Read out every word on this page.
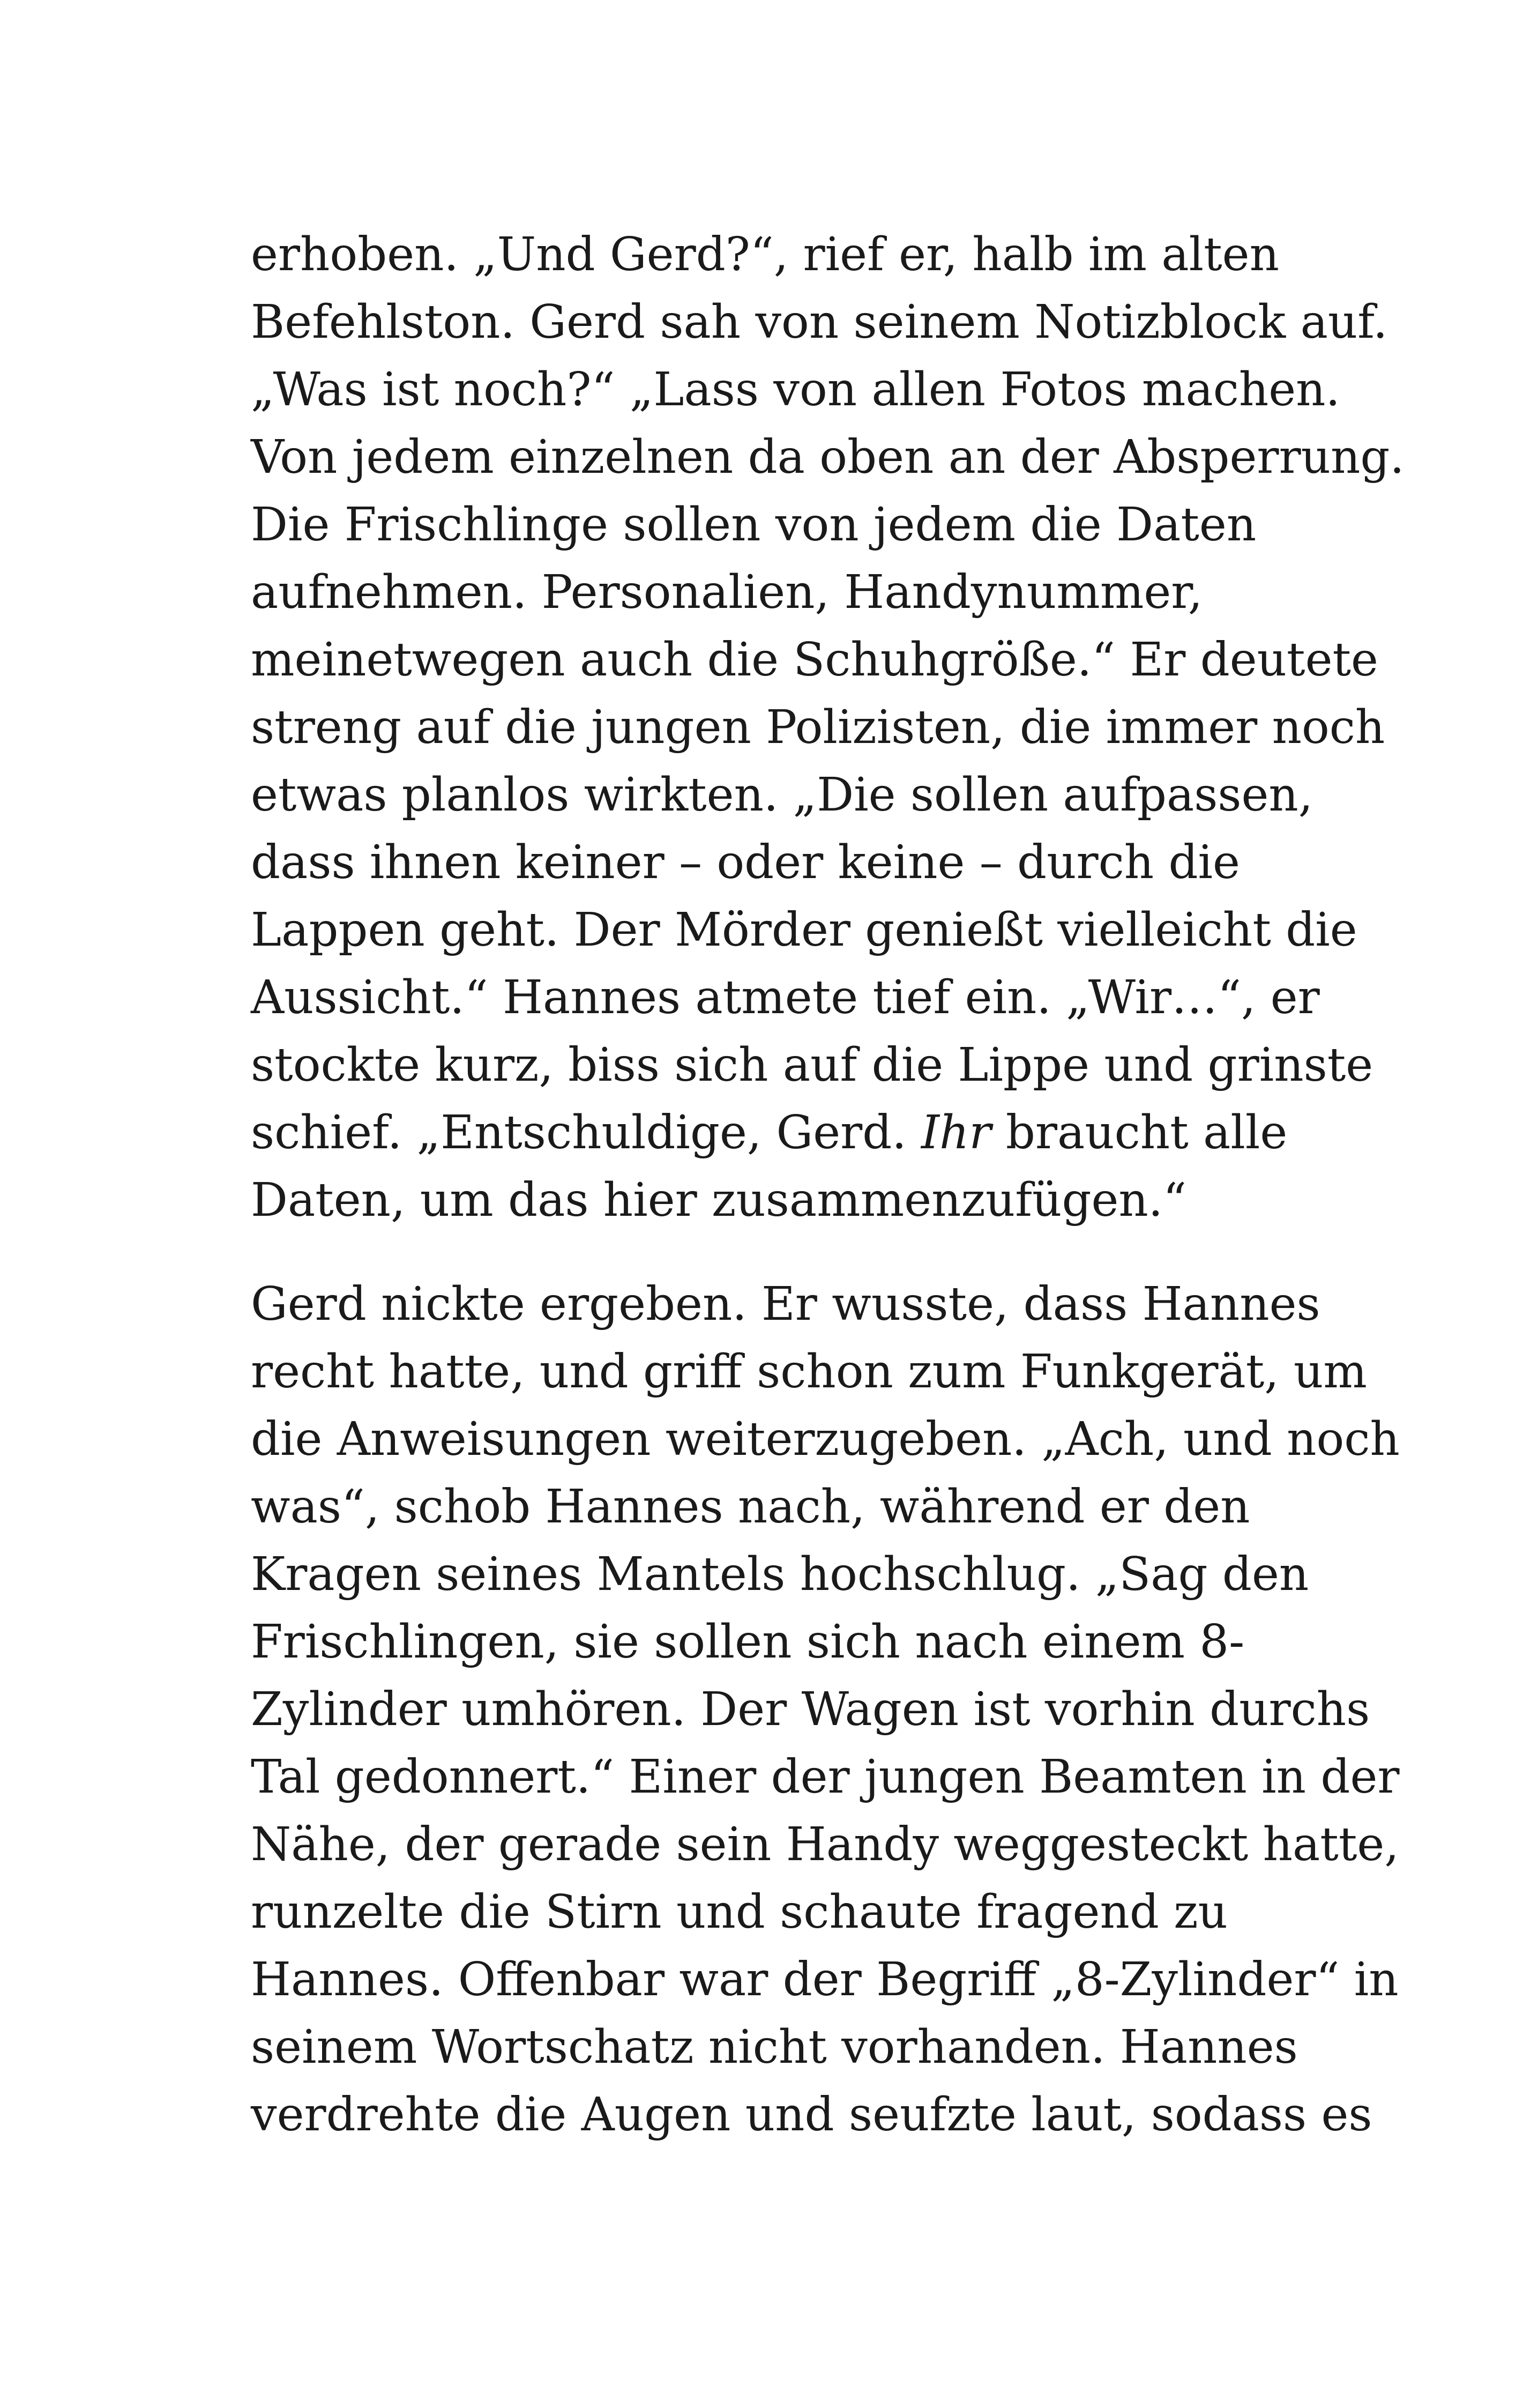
erhoben. „Und Gerd?“, rief er, halb im alten
Befehlston. Gerd sah von seinem Notizblock auf.
„Was ist noch?“ „Lass von allen Fotos machen.
Von jedem einzelnen da oben an der Absperrung.
Die Frischlinge sollen von jedem die Daten
aufnehmen. Personalien, Handynummer,
meinetwegen auch die Schuhgröße.“ Er deutete
streng auf die jungen Polizisten, die immer noch
etwas planlos wirkten. „Die sollen aufpassen,
dass ihnen keiner – oder keine – durch die
Lappen geht. Der Mörder genießt vielleicht die
Aussicht.“ Hannes atmete tief ein. „Wir…“, er
stockte kurz, biss sich auf die Lippe und grinste
schief. „Entschuldige, Gerd. Ihr braucht alle
Daten, um das hier zusammenzufügen.“
Gerd nickte ergeben. Er wusste, dass Hannes
recht hatte, und griff schon zum Funkgerät, um
die Anweisungen weiterzugeben. „Ach, und noch
was“, schob Hannes nach, während er den
Kragen seines Mantels hochschlug. „Sag den
Frischlingen, sie sollen sich nach einem 8-
Zylinder umhören. Der Wagen ist vorhin durchs
Tal gedonnert.“ Einer der jungen Beamten in der
Nähe, der gerade sein Handy weggesteckt hatte,
runzelte die Stirn und schaute fragend zu
Hannes. Offenbar war der Begriff „8-Zylinder“ in
seinem Wortschatz nicht vorhanden. Hannes
verdrehte die Augen und seufzte laut, sodass es
